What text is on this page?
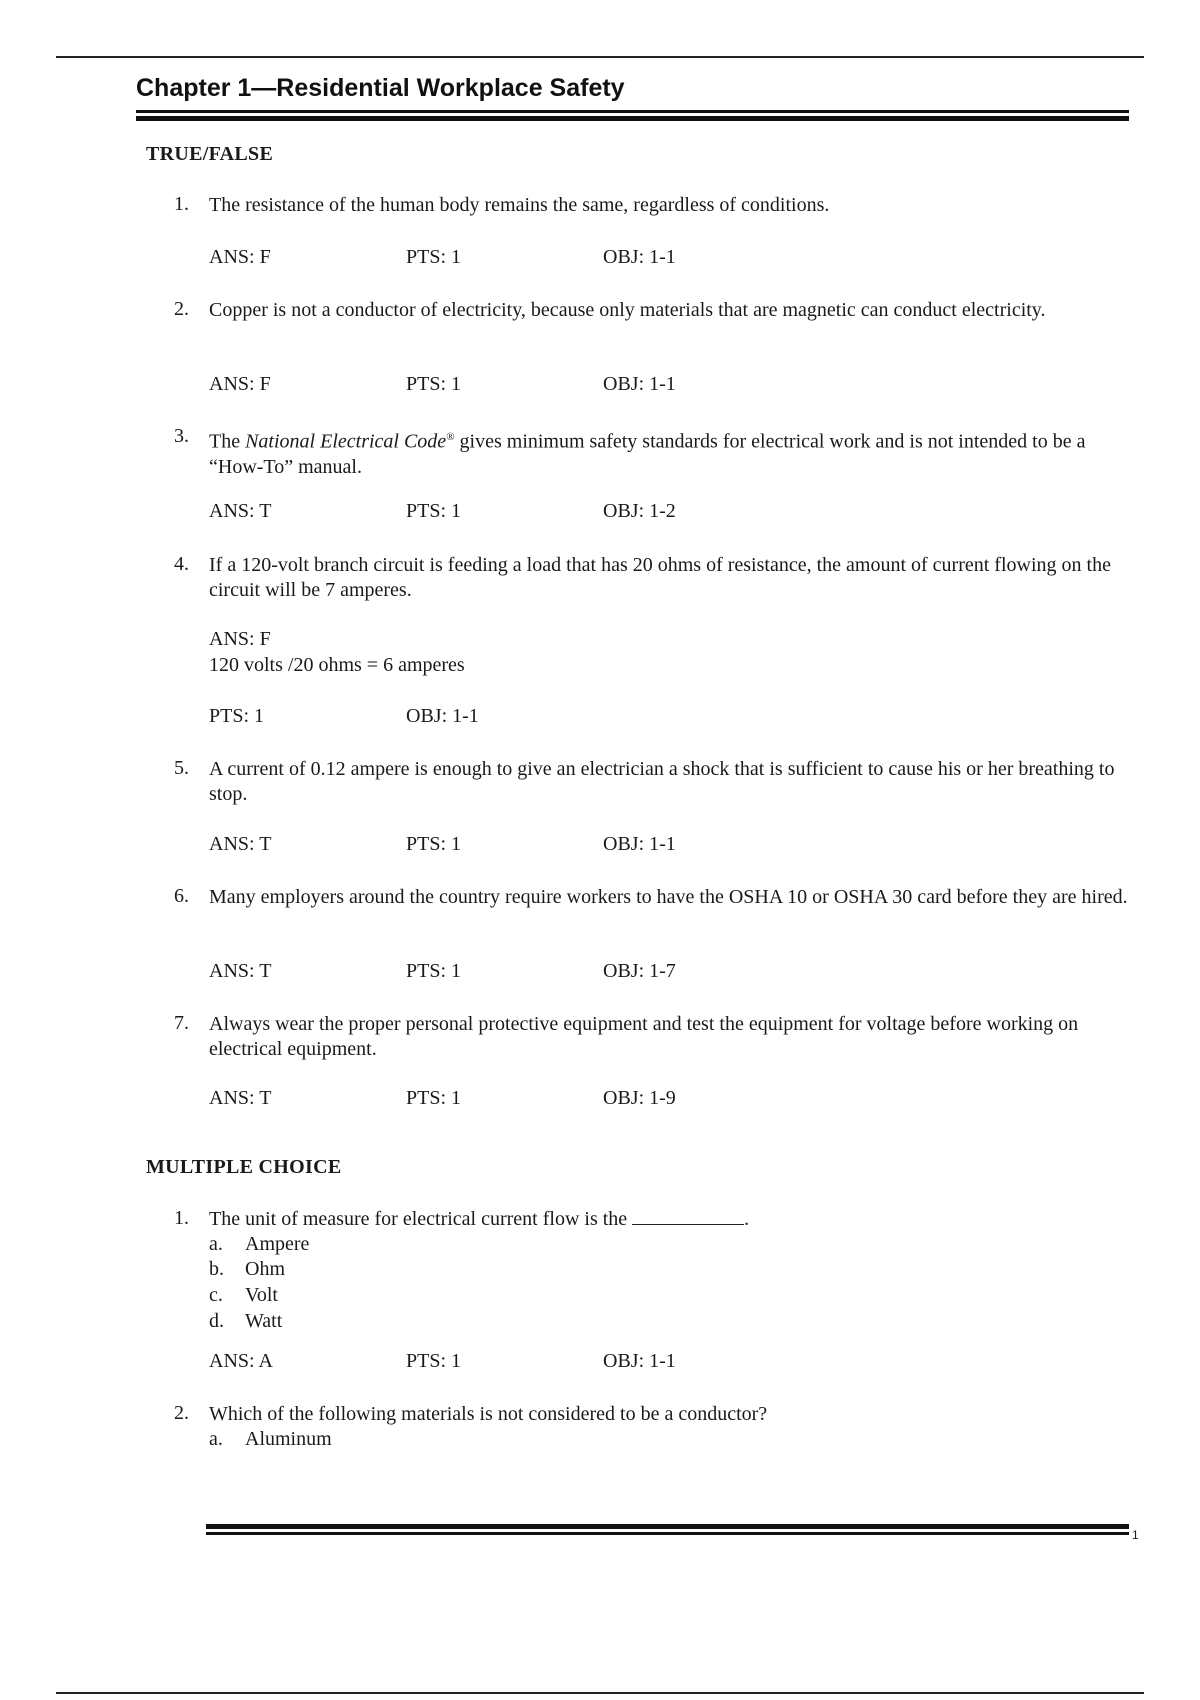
Chapter 1—Residential Workplace Safety
TRUE/FALSE
1. The resistance of the human body remains the same, regardless of conditions.

ANS: F	PTS: 1	OBJ: 1-1
2. Copper is not a conductor of electricity, because only materials that are magnetic can conduct electricity.

ANS: F	PTS: 1	OBJ: 1-1
3. The National Electrical Code® gives minimum safety standards for electrical work and is not intended to be a “How-To” manual.

ANS: T	PTS: 1	OBJ: 1-2
4. If a 120-volt branch circuit is feeding a load that has 20 ohms of resistance, the amount of current flowing on the circuit will be 7 amperes.

ANS: F
120 volts /20 ohms = 6 amperes
PTS: 1	OBJ: 1-1
5. A current of 0.12 ampere is enough to give an electrician a shock that is sufficient to cause his or her breathing to stop.

ANS: T	PTS: 1	OBJ: 1-1
6. Many employers around the country require workers to have the OSHA 10 or OSHA 30 card before they are hired.

ANS: T	PTS: 1	OBJ: 1-7
7. Always wear the proper personal protective equipment and test the equipment for voltage before working on electrical equipment.

ANS: T	PTS: 1	OBJ: 1-9
MULTIPLE CHOICE
1. The unit of measure for electrical current flow is the	.

a. Ampere
b. Ohm
c. Volt
d. Watt
ANS: A	PTS: 1	OBJ: 1-1
2. Which of the following materials is not considered to be a conductor?

a. Aluminum
1
